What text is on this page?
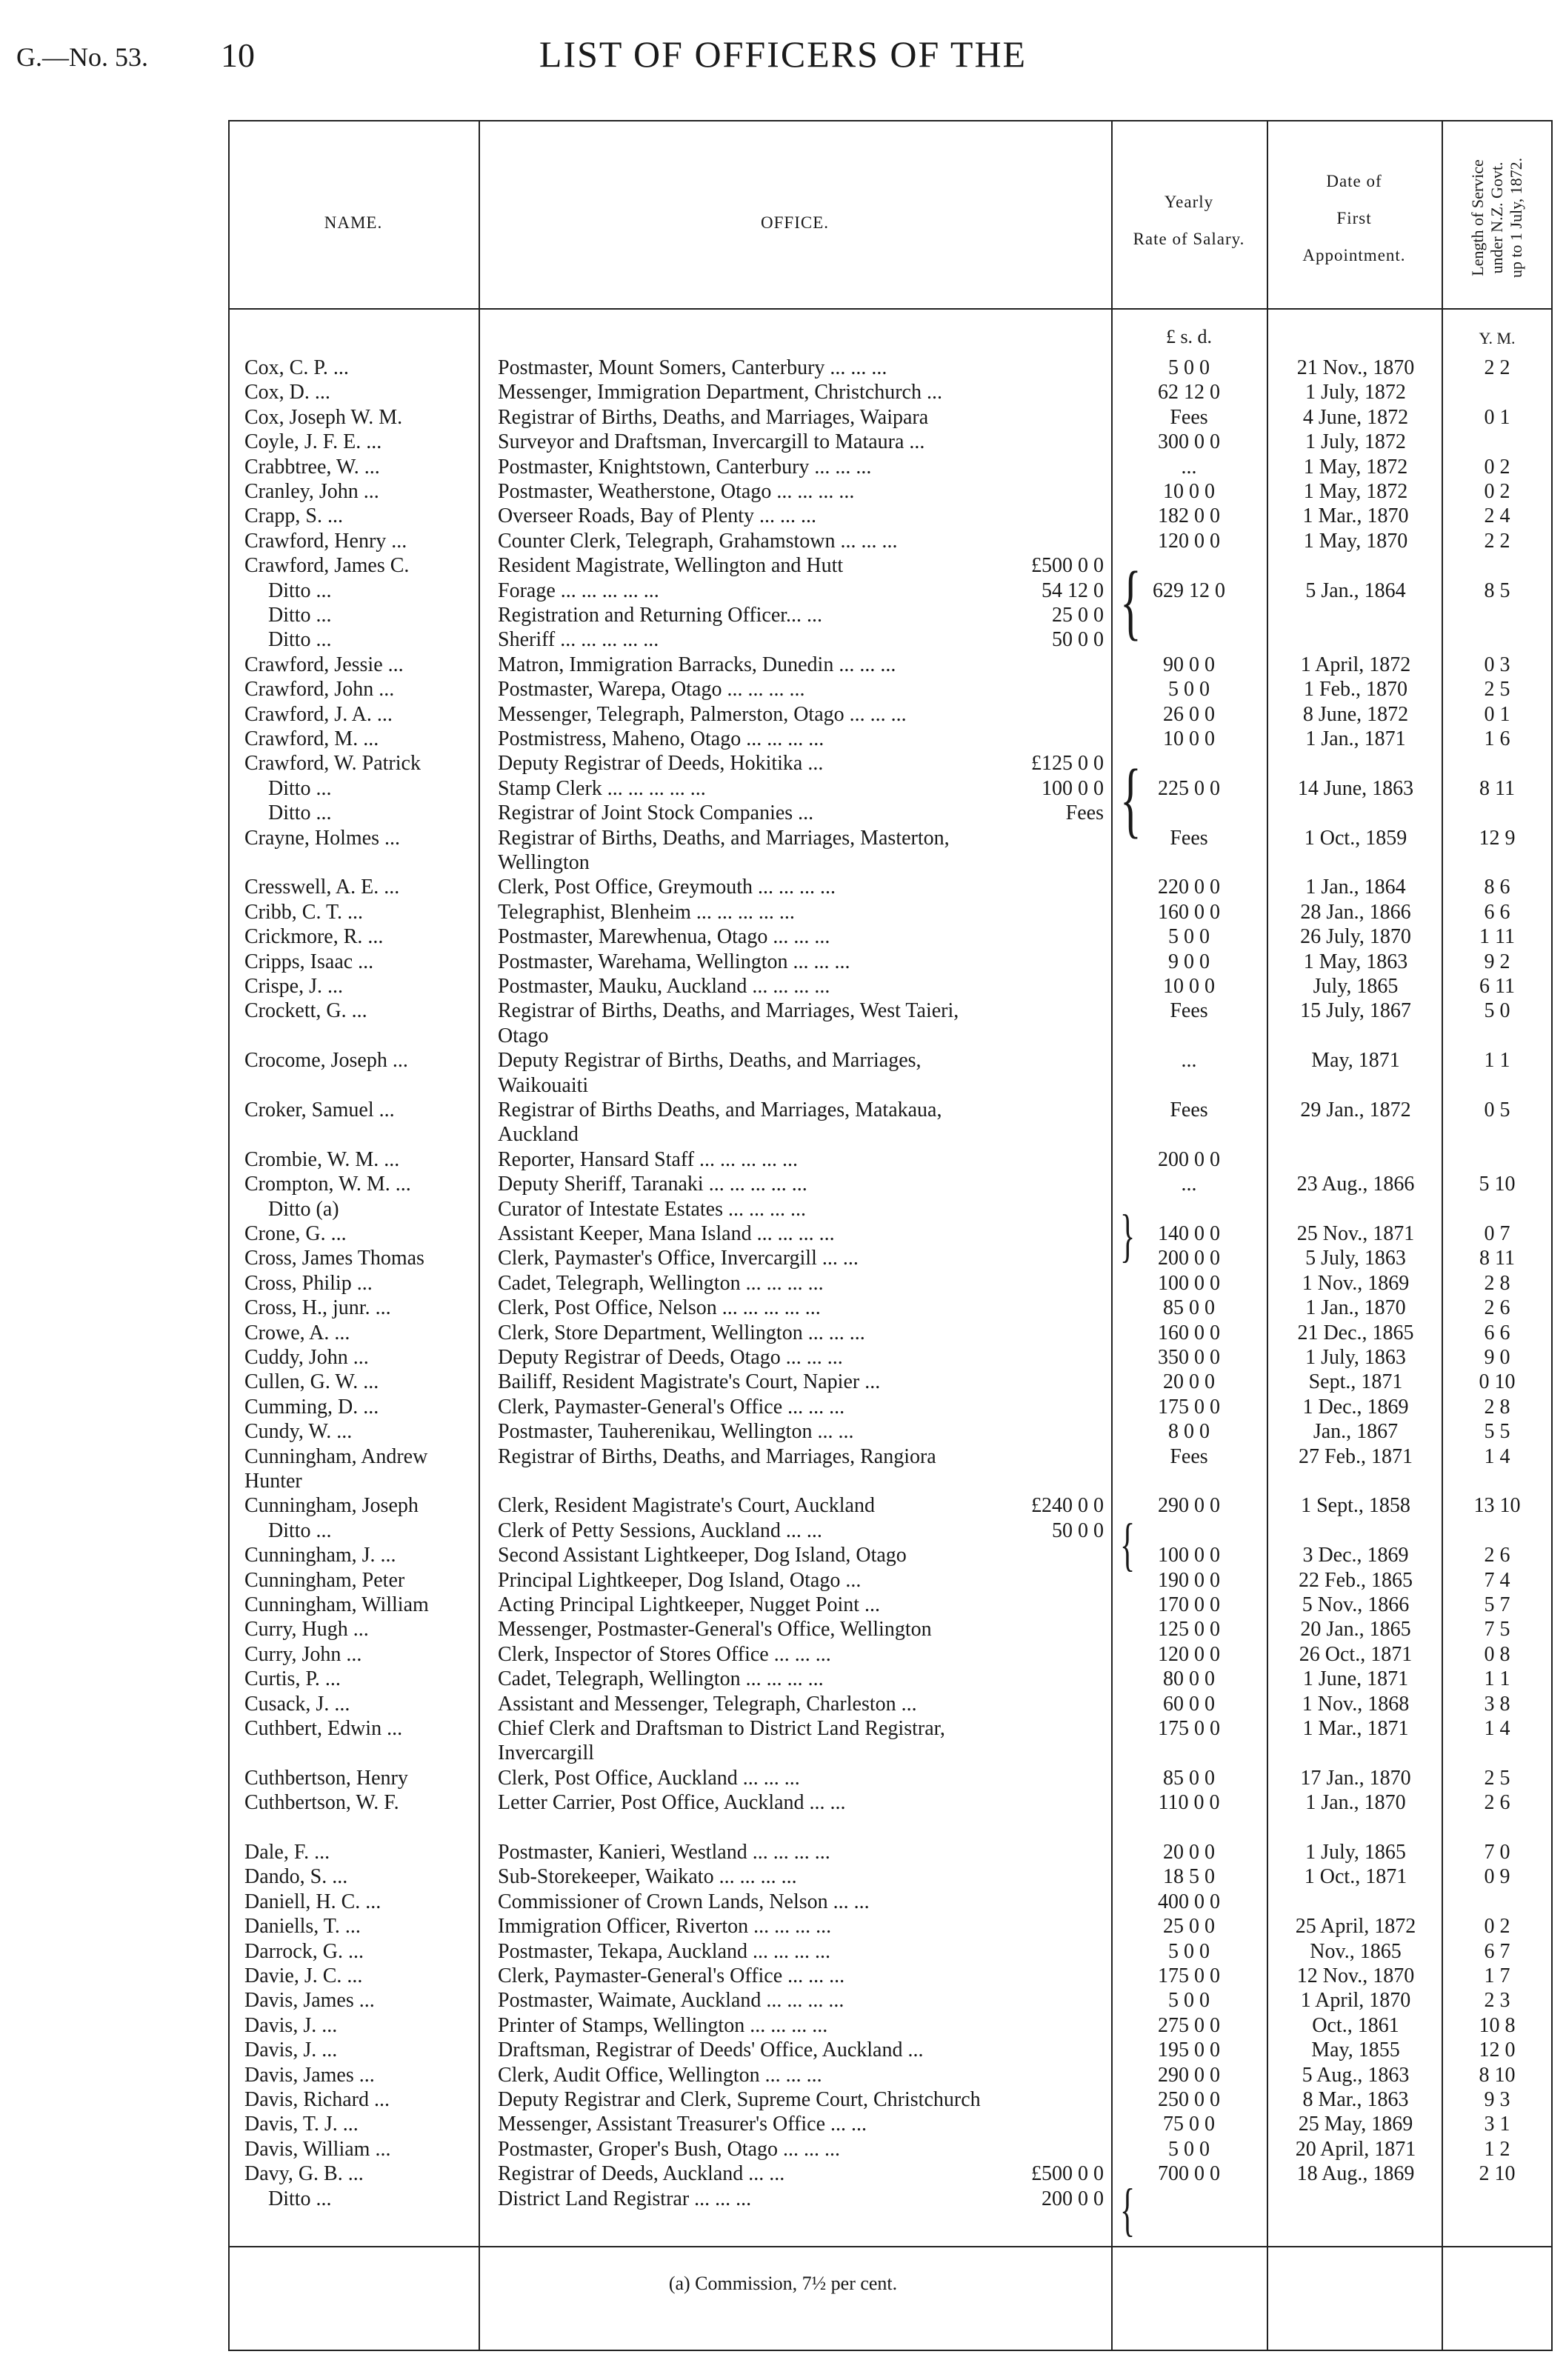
G.—No. 53. 10	LIST OF OFFICERS OF THE
NAME.	OFFICE.
Yearly
Rate of Salary.
Date of
First
Appointment.	Length of Service
under N.Z. Govt.
up to 1 July, 1872.
£ s. d.	Y. M.
Cox, C. P. ...	Postmaster, Mount Somers, Canterbury ... ... ...	5 0 0	21 Nov., 1870	2 2
Cox, D. ...	Messenger, Immigration Department, Christchurch ...	62 12 0	1 July, 1872
Cox, Joseph W. M.	Registrar of Births, Deaths, and Marriages, Waipara	Fees	4 June, 1872	0 1
Coyle, J. F. E. ...	Surveyor and Draftsman, Invercargill to Mataura ...	300 0 0	1 July, 1872
Crabbtree, W. ...	Postmaster, Knightstown, Canterbury ... ... ...	...	1 May, 1872	0 2
Cranley, John ...	Postmaster, Weatherstone, Otago ... ... ... ...	10 0 0	1 May, 1872	0 2
Crapp, S. ...	Overseer Roads, Bay of Plenty ... ... ...	182 0 0	1 Mar., 1870	2 4
Crawford, Henry ...	Counter Clerk, Telegraph, Grahamstown ... ... ...	120 0 0	1 May, 1870	2 2
Crawford, James C.	Resident Magistrate, Wellington and Hutt	£500 0 0
Ditto ...	Forage ... ... ... ... ...	54 12 0	629 12 0	5 Jan., 1864	8 5
Ditto ...	Registration and Returning Officer... ...	25 0 0
Ditto ...	Sheriff ... ... ... ... ...	50 0 0
Crawford, Jessie ...	Matron, Immigration Barracks, Dunedin ... ... ...	90 0 0	1 April, 1872	0 3
Crawford, John ...	Postmaster, Warepa, Otago ... ... ... ...	5 0 0	1 Feb., 1870	2 5
Crawford, J. A. ...	Messenger, Telegraph, Palmerston, Otago ... ... ...	26 0 0	8 June, 1872	0 1
Crawford, M. ...	Postmistress, Maheno, Otago ... ... ... ...	10 0 0	1 Jan., 1871	1 6
Crawford, W. Patrick	Deputy Registrar of Deeds, Hokitika ...	£125 0 0
Ditto ...	Stamp Clerk ... ... ... ... ...	100 0 0	225 0 0	14 June, 1863	8 11
Ditto ...	Registrar of Joint Stock Companies ...	Fees
Crayne, Holmes ...	Registrar of Births, Deaths, and Marriages, Masterton,	Fees	1 Oct., 1859	12 9
Wellington
Cresswell, A. E. ...	Clerk, Post Office, Greymouth ... ... ... ...	220 0 0	1 Jan., 1864	8 6
Cribb, C. T. ...	Telegraphist, Blenheim ... ... ... ... ...	160 0 0	28 Jan., 1866	6 6
Crickmore, R. ...	Postmaster, Marewhenua, Otago ... ... ...	5 0 0	26 July, 1870	1 11
Cripps, Isaac ...	Postmaster, Warehama, Wellington ... ... ...	9 0 0	1 May, 1863	9 2
Crispe, J. ...	Postmaster, Mauku, Auckland ... ... ... ...	10 0 0	July, 1865	6 11
Crockett, G. ...	Registrar of Births, Deaths, and Marriages, West Taieri,	Fees	15 July, 1867	5 0
Otago
Crocome, Joseph ...	Deputy Registrar of Births, Deaths, and Marriages,	...	May, 1871	1 1
Waikouaiti
Croker, Samuel ...	Registrar of Births Deaths, and Marriages, Matakaua,	Fees	29 Jan., 1872	0 5
Auckland
Crombie, W. M. ...	Reporter, Hansard Staff ... ... ... ... ...	200 0 0
Crompton, W. M. ...	Deputy Sheriff, Taranaki ... ... ... ... ...	...	23 Aug., 1866	5 10
Ditto (a)	Curator of Intestate Estates ... ... ... ...
Crone, G. ...	Assistant Keeper, Mana Island ... ... ... ...	140 0 0	25 Nov., 1871	0 7
Cross, James Thomas	Clerk, Paymaster's Office, Invercargill ... ...	200 0 0	5 July, 1863	8 11
Cross, Philip ...	Cadet, Telegraph, Wellington ... ... ... ...	100 0 0	1 Nov., 1869	2 8
Cross, H., junr. ...	Clerk, Post Office, Nelson ... ... ... ... ...	85 0 0	1 Jan., 1870	2 6
Crowe, A. ...	Clerk, Store Department, Wellington ... ... ...	160 0 0	21 Dec., 1865	6 6
Cuddy, John ...	Deputy Registrar of Deeds, Otago ... ... ...	350 0 0	1 July, 1863	9 0
Cullen, G. W. ...	Bailiff, Resident Magistrate's Court, Napier ...	20 0 0	Sept., 1871	0 10
Cumming, D. ...	Clerk, Paymaster-General's Office ... ... ...	175 0 0	1 Dec., 1869	2 8
Cundy, W. ...	Postmaster, Tauherenikau, Wellington ... ...	8 0 0	Jan., 1867	5 5
Cunningham, Andrew	Registrar of Births, Deaths, and Marriages, Rangiora	Fees	27 Feb., 1871	1 4
Hunter
Cunningham, Joseph	Clerk, Resident Magistrate's Court, Auckland	£240 0 0	290 0 0	1 Sept., 1858	13 10
Ditto ...	Clerk of Petty Sessions, Auckland ... ...	50 0 0
Cunningham, J. ...	Second Assistant Lightkeeper, Dog Island, Otago	100 0 0	3 Dec., 1869	2 6
Cunningham, Peter	Principal Lightkeeper, Dog Island, Otago ...	190 0 0	22 Feb., 1865	7 4
Cunningham, William	Acting Principal Lightkeeper, Nugget Point ...	170 0 0	5 Nov., 1866	5 7
Curry, Hugh ...	Messenger, Postmaster-General's Office, Wellington	125 0 0	20 Jan., 1865	7 5
Curry, John ...	Clerk, Inspector of Stores Office ... ... ...	120 0 0	26 Oct., 1871	0 8
Curtis, P. ...	Cadet, Telegraph, Wellington ... ... ... ...	80 0 0	1 June, 1871	1 1
Cusack, J. ...	Assistant and Messenger, Telegraph, Charleston ...	60 0 0	1 Nov., 1868	3 8
Cuthbert, Edwin ...	Chief Clerk and Draftsman to District Land Registrar,	175 0 0	1 Mar., 1871	1 4
Invercargill
Cuthbertson, Henry	Clerk, Post Office, Auckland ... ... ...	85 0 0	17 Jan., 1870	2 5
Cuthbertson, W. F.	Letter Carrier, Post Office, Auckland ... ...	110 0 0	1 Jan., 1870	2 6
Dale, F. ...	Postmaster, Kanieri, Westland ... ... ... ...	20 0 0	1 July, 1865	7 0
Dando, S. ...	Sub-Storekeeper, Waikato ... ... ... ...	18 5 0	1 Oct., 1871	0 9
Daniell, H. C. ...	Commissioner of Crown Lands, Nelson ... ...	400 0 0
Daniells, T. ...	Immigration Officer, Riverton ... ... ... ...	25 0 0	25 April, 1872	0 2
Darrock, G. ...	Postmaster, Tekapa, Auckland ... ... ... ...	5 0 0	Nov., 1865	6 7
Davie, J. C. ...	Clerk, Paymaster-General's Office ... ... ...	175 0 0	12 Nov., 1870	1 7
Davis, James ...	Postmaster, Waimate, Auckland ... ... ... ...	5 0 0	1 April, 1870	2 3
Davis, J. ...	Printer of Stamps, Wellington ... ... ... ...	275 0 0	Oct., 1861	10 8
Davis, J. ...	Draftsman, Registrar of Deeds' Office, Auckland ...	195 0 0	May, 1855	12 0
Davis, James ...	Clerk, Audit Office, Wellington ... ... ...	290 0 0	5 Aug., 1863	8 10
Davis, Richard ...	Deputy Registrar and Clerk, Supreme Court, Christchurch	250 0 0	8 Mar., 1863	9 3
Davis, T. J. ...	Messenger, Assistant Treasurer's Office ... ...	75 0 0	25 May, 1869	3 1
Davis, William ...	Postmaster, Groper's Bush, Otago ... ... ...	5 0 0	20 April, 1871	1 2
Davy, G. B. ...	Registrar of Deeds, Auckland ... ...	£500 0 0	700 0 0	18 Aug., 1869	2 10
Ditto ...	District Land Registrar ... ... ...	200 0 0
{
{
}
{
{
(a) Commission, 7½ per cent.
